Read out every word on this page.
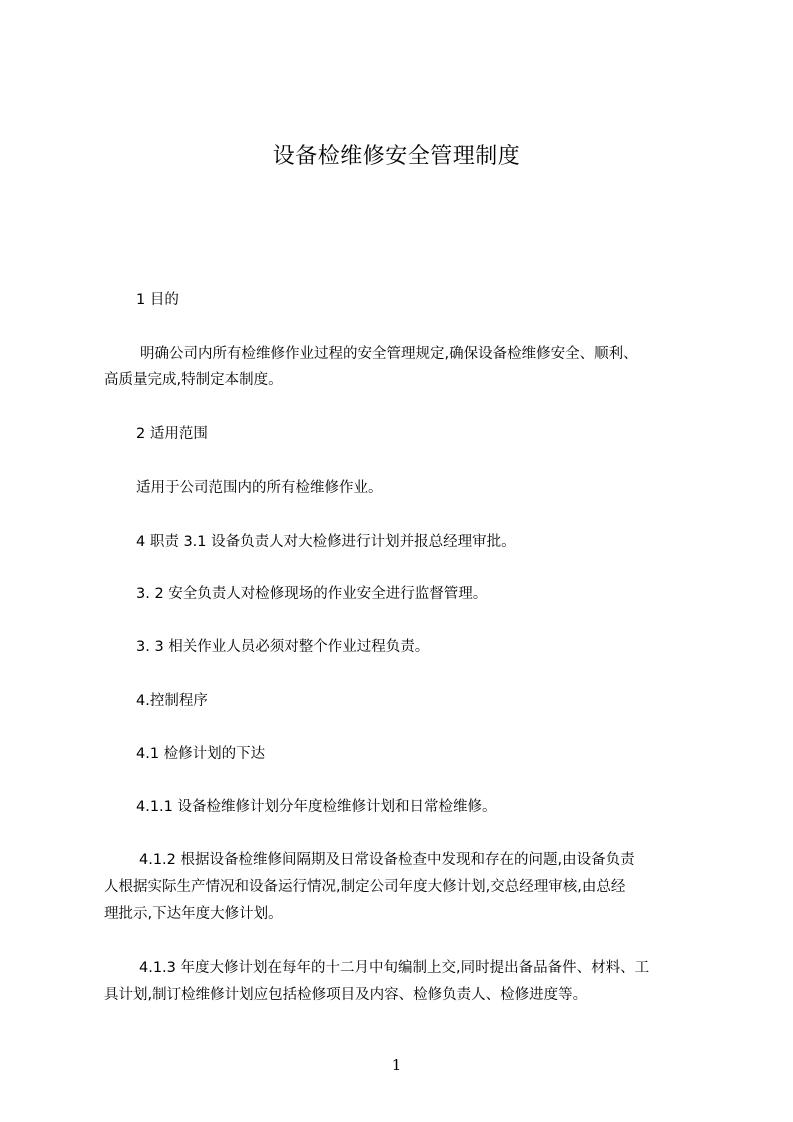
设备检维修安全管理制度
1 目的
明确公司内所有检维修作业过程的安全管理规定,确保设备检维修安全、顺利、
高质量完成,特制定本制度。
2 适用范围
适用于公司范围内的所有检维修作业。
4 职责 3.1 设备负责人对大检修进行计划并报总经理审批。
3. 2 安全负责人对检修现场的作业安全进行监督管理。
3. 3 相关作业人员必须对整个作业过程负责。
4.控制程序
4.1 检修计划的下达
4.1.1 设备检维修计划分年度检维修计划和日常检维修。
4.1.2 根据设备检维修间隔期及日常设备检查中发现和存在的问题,由设备负责
人根据实际生产情况和设备运行情况,制定公司年度大修计划,交总经理审核,由总经
理批示,下达年度大修计划。
4.1.3 年度大修计划在每年的十二月中旬编制上交,同时提出备品备件、材料、工
具计划,制订检维修计划应包括检修项目及内容、检修负责人、检修进度等。
1
